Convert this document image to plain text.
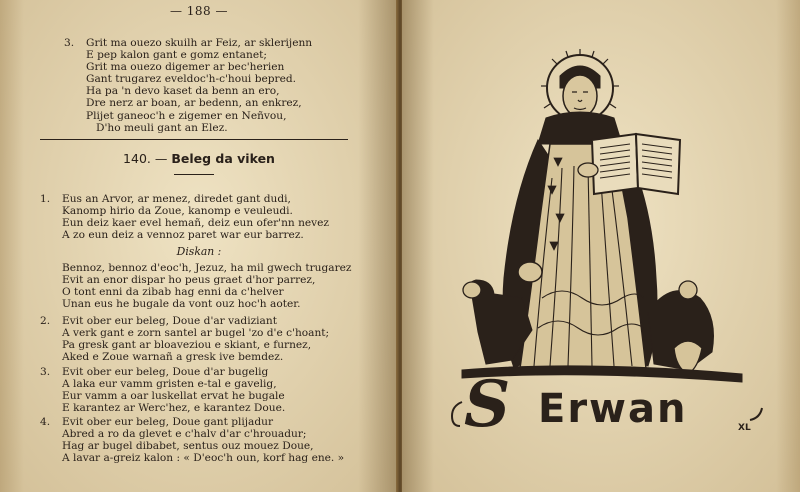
— 188 —
3. Grit ma ouezo skuilh ar Feiz, ar sklerijenn
E pep kalon gant e gomz entanet;
Grit ma ouezo digemer ar bec'herien
Gant trugarez eveldoc'h-c'houi bepred.
Ha pa 'n devo kaset da benn an ero,
Dre nerz ar boan, ar bedenn, an enkrez,
Plijet ganeoc'h e zigemer en Neñvou,
D'ho meuli gant an Elez.
140. — Beleg da viken
1. Eus an Arvor, ar menez, diredet gant dudi,
Kanomp hirio da Zoue, kanomp e veuleudi.
Eun deiz kaer evel hemañ, deiz eun ofer'nn nevez
A zo eun deiz a vennoz paret war eur barrez.
Diskan :
Bennoz, bennoz d'eoc'h, Jezuz, ha mil gwech trugarez
Evit an enor dispar ho peus graet d'hor parrez,
O tont enni da zibab hag enni da c'helver
Unan eus he bugale da vont ouz hoc'h aoter.
2. Evit ober eur beleg, Doue d'ar vadiziant
A verk gant e zorn santel ar bugel 'zo d'e c'hoant;
Pa gresk gant ar bloaveziou e skiant, e furnez,
Aked e Zoue warnañ a gresk ive bemdez.
3. Evit ober eur beleg, Doue d'ar bugelig
A laka eur vamm gristen e-tal e gavelig,
Eur vamm a oar luskellat ervat he bugale
E karantez ar Werc'hez, e karantez Doue.
4. Evit ober eur beleg, Doue gant plijadur
Abred a ro da glevet e c'halv d'ar c'hrouadur;
Hag ar bugel dibabet, sentus ouz mouez Doue,
A lavar a-greiz kalon : « D'eoc'h oun, korf hag ene. »
S Erwan	XL
